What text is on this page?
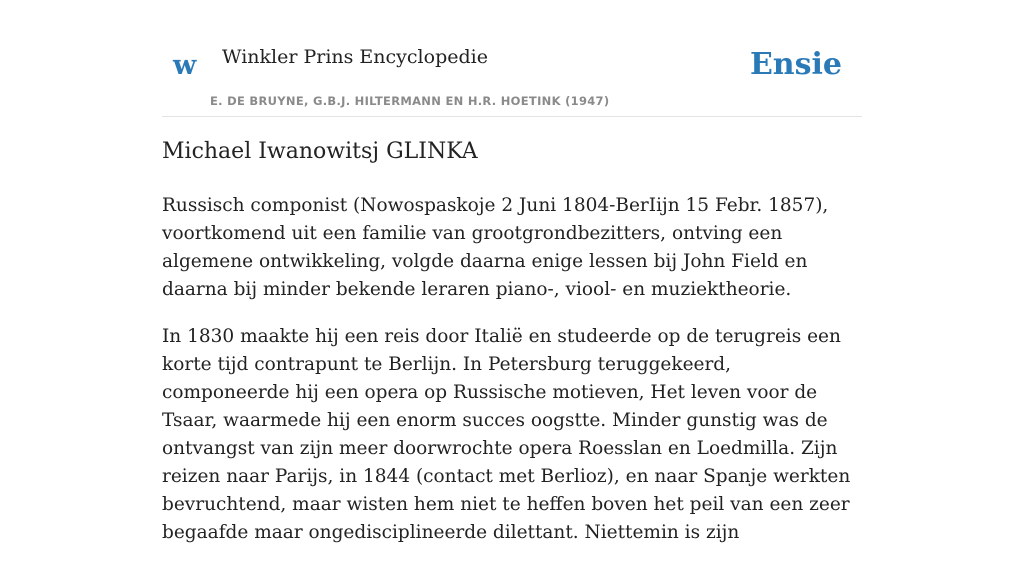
w Winkler Prins Encyclopedie	Ensie
E. DE BRUYNE, G.B.J. HILTERMANN EN H.R. HOETINK (1947)
Michael Iwanowitsj GLINKA

Russisch componist (Nowospaskoje 2 Juni 1804-BerIijn 15 Febr. 1857), voortkomend uit een familie van grootgrondbezitters, ontving een algemene ontwikkeling, volgde daarna enige lessen bij John Field en daarna bij minder bekende leraren piano-, viool- en muziektheorie.

In 1830 maakte hij een reis door Italië en studeerde op de terugreis een korte tijd contrapunt te Berlijn. In Petersburg teruggekeerd, componeerde hij een opera op Russische motieven, Het leven voor de Tsaar, waarmede hij een enorm succes oogstte. Minder gunstig was de ontvangst van zijn meer doorwrochte opera Roesslan en Loedmilla. Zijn reizen naar Parijs, in 1844 (contact met Berlioz), en naar Spanje werkten bevruchtend, maar wisten hem niet te heffen boven het peil van een zeer begaafde maar ongedisciplineerde dilettant. Niettemin is zijn
